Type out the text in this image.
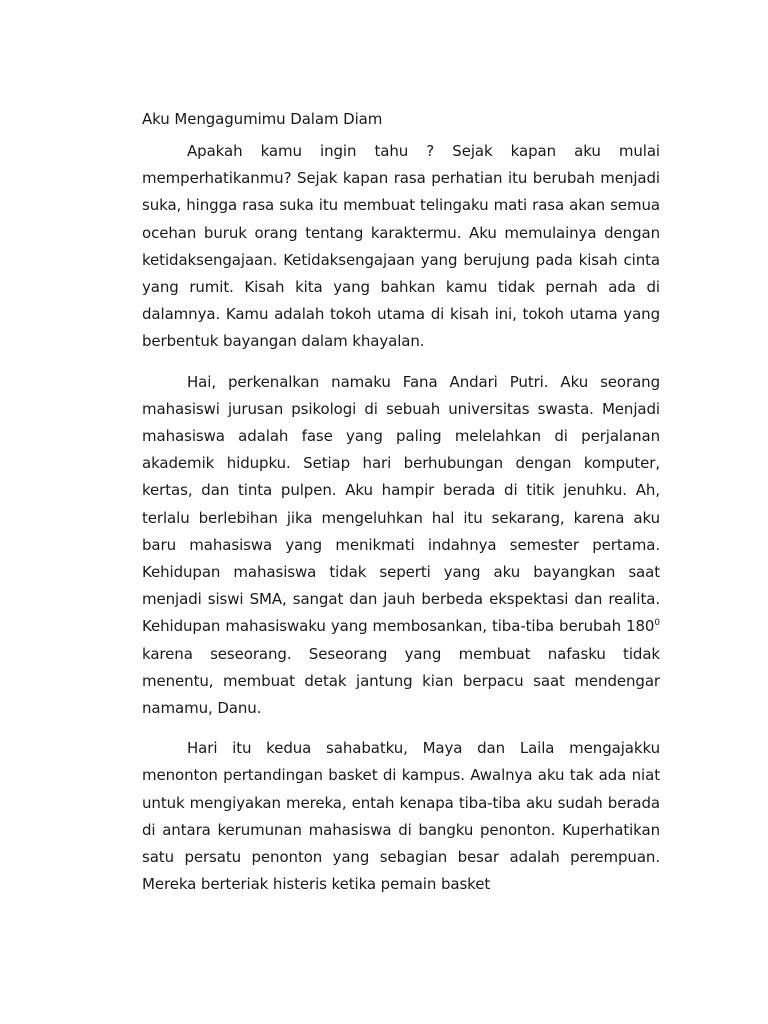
Aku Mengagumimu Dalam Diam

Apakah kamu ingin tahu ? Sejak kapan aku mulai memperhatikanmu? Sejak kapan rasa perhatian itu berubah menjadi suka, hingga rasa suka itu membuat telingaku mati rasa akan semua ocehan buruk orang tentang karaktermu. Aku memulainya dengan ketidaksengajaan. Ketidaksengajaan yang berujung pada kisah cinta yang rumit. Kisah kita yang bahkan kamu tidak pernah ada di dalamnya. Kamu adalah tokoh utama di kisah ini, tokoh utama yang berbentuk bayangan dalam khayalan.

Hai, perkenalkan namaku Fana Andari Putri. Aku seorang mahasiswi jurusan psikologi di sebuah universitas swasta. Menjadi mahasiswa adalah fase yang paling melelahkan di perjalanan akademik hidupku. Setiap hari berhubungan dengan komputer, kertas, dan tinta pulpen. Aku hampir berada di titik jenuhku. Ah, terlalu berlebihan jika mengeluhkan hal itu sekarang, karena aku baru mahasiswa yang menikmati indahnya semester pertama. Kehidupan mahasiswa tidak seperti yang aku bayangkan saat menjadi siswi SMA, sangat dan jauh berbeda ekspektasi dan realita. Kehidupan mahasiswaku yang membosankan, tiba-tiba berubah $180^0$ karena seseorang. Seseorang yang membuat nafasku tidak menentu, membuat detak jantung kian berpacu saat mendengar namamu, Danu.

Hari itu kedua sahabatku, Maya dan Laila mengajakku menonton pertandingan basket di kampus. Awalnya aku tak ada niat untuk mengiyakan mereka, entah kenapa tiba-tiba aku sudah berada di antara kerumunan mahasiswa di bangku penonton. Kuperhatikan satu persatu penonton yang sebagian besar adalah perempuan. Mereka berteriak histeris ketika pemain basket
